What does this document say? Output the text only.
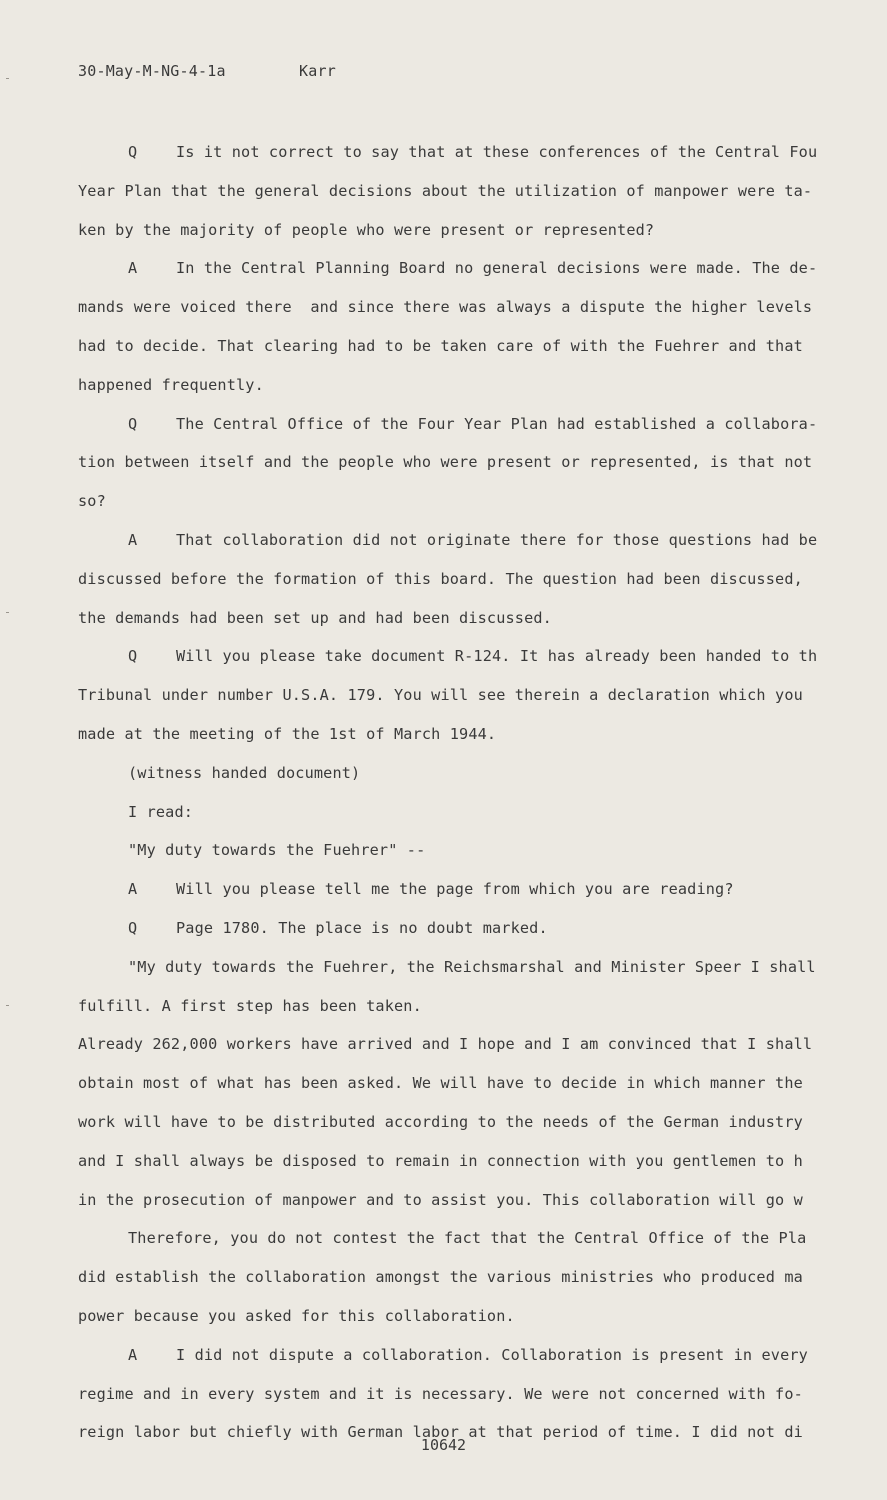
30-May-M-NG-4-1a	Karr
Q	Is it not correct to say that at these conferences of the Central Fou
Year Plan that the general decisions about the utilization of manpower were ta-
ken by the majority of people who were present or represented?
A	In the Central Planning Board no general decisions were made. The de-
mands were voiced there  and since there was always a dispute the higher levels
had to decide. That clearing had to be taken care of with the Fuehrer and that
happened frequently.
Q	The Central Office of the Four Year Plan had established a collabora-
tion between itself and the people who were present or represented, is that not
so?
A	That collaboration did not originate there for those questions had be
discussed before the formation of this board. The question had been discussed,
the demands had been set up and had been discussed.
Q	Will you please take document R-124. It has already been handed to th
Tribunal under number U.S.A. 179. You will see therein a declaration which you
made at the meeting of the 1st of March 1944.
(witness handed document)
I read:
"My duty towards the Fuehrer" --
A	Will you please tell me the page from which you are reading?
Q	Page 1780. The place is no doubt marked.
"My duty towards the Fuehrer, the Reichsmarshal and Minister Speer I shall
fulfill. A first step has been taken.
Already 262,000 workers have arrived and I hope and I am convinced that I shall
obtain most of what has been asked. We will have to decide in which manner the
work will have to be distributed according to the needs of the German industry
and I shall always be disposed to remain in connection with you gentlemen to h
in the prosecution of manpower and to assist you. This collaboration will go w
Therefore, you do not contest the fact that the Central Office of the Pla
did establish the collaboration amongst the various ministries who produced ma
power because you asked for this collaboration.
A	I did not dispute a collaboration. Collaboration is present in every
regime and in every system and it is necessary. We were not concerned with fo-
reign labor but chiefly with German labor at that period of time. I did not di
10642
